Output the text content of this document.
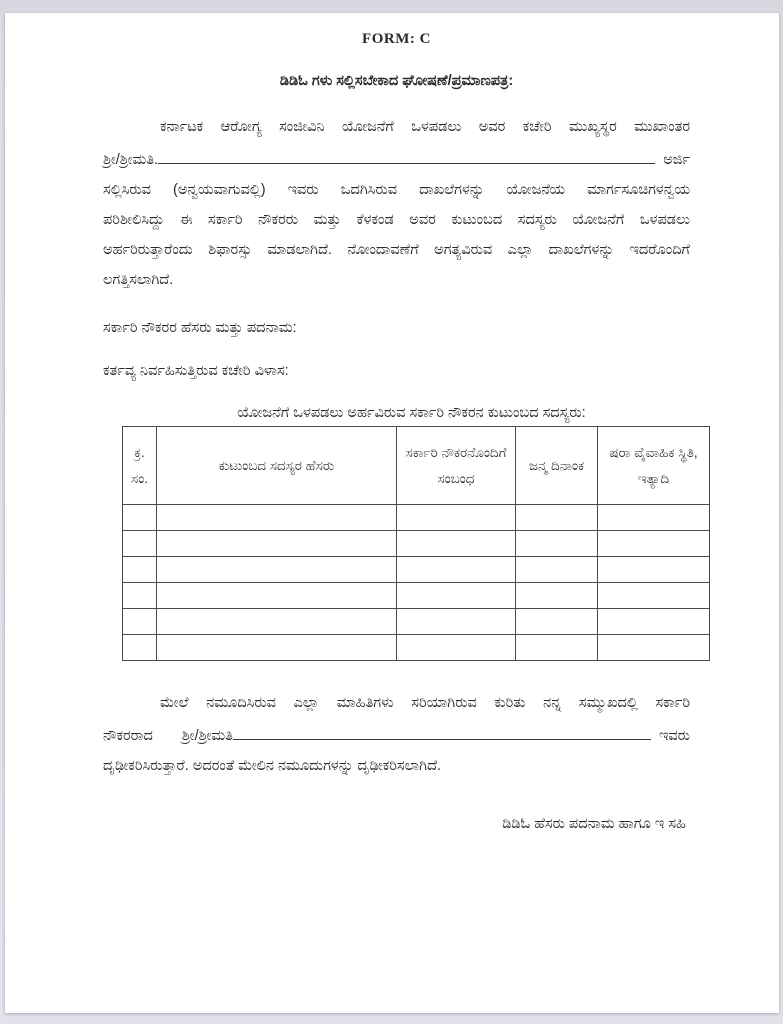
FORM: C
ಡಿಡಿಓ ಗಳು ಸಲ್ಲಿಸಬೇಕಾದ ಘೋಷಣೆ/ಪ್ರಮಾಣಪತ್ರ:
ಕರ್ನಾಟಕ ಆರೋಗ್ಯ ಸಂಜೀವಿನಿ ಯೋಜನೆಗೆ ಒಳಪಡಲು ಅವರ ಕಚೇರಿ ಮುಖ್ಯಸ್ಥರ ಮುಖಾಂತರ
ಶ್ರೀ/ಶ್ರೀಮತಿ.	ಅರ್ಜಿ
ಸಲ್ಲಿಸಿರುವ (ಅನ್ವಯವಾಗುವಲ್ಲಿ) ಇವರು ಒದಗಿಸಿರುವ ದಾಖಲೆಗಳನ್ನು ಯೋಜನೆಯ ಮಾರ್ಗಸೂಚಿಗಳನ್ವಯ
ಪರಿಶೀಲಿಸಿದ್ದು ಈ ಸರ್ಕಾರಿ ನೌಕರರು ಮತ್ತು ಕೆಳಕಂಡ ಅವರ ಕುಟುಂಬದ ಸದಸ್ಯರು ಯೋಜನೆಗೆ ಒಳಪಡಲು
ಅರ್ಹರಿರುತ್ತಾರೆಂದು ಶಿಫಾರಸ್ಸು ಮಾಡಲಾಗಿದೆ. ನೋಂದಾವಣೆಗೆ ಅಗತ್ಯವಿರುವ ಎಲ್ಲಾ ದಾಖಲೆಗಳನ್ನು ಇದರೊಂದಿಗೆ
ಲಗತ್ತಿಸಲಾಗಿದೆ.
ಸರ್ಕಾರಿ ನೌಕರರ ಹೆಸರು ಮತ್ತು ಪದನಾಮ:
ಕರ್ತವ್ಯ ನಿರ್ವಹಿಸುತ್ತಿರುವ ಕಚೇರಿ ವಿಳಾಸ:
ಯೋಜನೆಗೆ ಒಳಪಡಲು ಅರ್ಹವಿರುವ ಸರ್ಕಾರಿ ನೌಕರನ ಕುಟುಂಬದ ಸದಸ್ಯರು:
ಕ್ರ. ಸಂ.	ಕುಟುಂಬದ ಸದಸ್ಯರ ಹೆಸರು	ಸರ್ಕಾರಿ ನೌಕರನೊಂದಿಗೆ ಸಂಬಂಧ	ಜನ್ಮ ದಿನಾಂಕ	ಷರಾ ವೈವಾಹಿಕ ಸ್ಥಿತಿ, ಇತ್ಯಾದಿ

ಮೇಲೆ ನಮೂದಿಸಿರುವ ಎಲ್ಲಾ ಮಾಹಿತಿಗಳು ಸರಿಯಾಗಿರುವ ಕುರಿತು ನನ್ನ ಸಮ್ಮುಖದಲ್ಲಿ ಸರ್ಕಾರಿ
ನೌಕರರಾದ ಶ್ರೀ/ಶ್ರೀಮತಿ	ಇವರು
ದೃಢೀಕರಿಸಿರುತ್ತಾರೆ. ಅದರಂತೆ ಮೇಲಿನ ನಮೂದುಗಳನ್ನು ದೃಢೀಕರಿಸಲಾಗಿದೆ.
ಡಿಡಿಓ ಹೆಸರು ಪದನಾಮ ಹಾಗೂ ಇ ಸಹಿ
